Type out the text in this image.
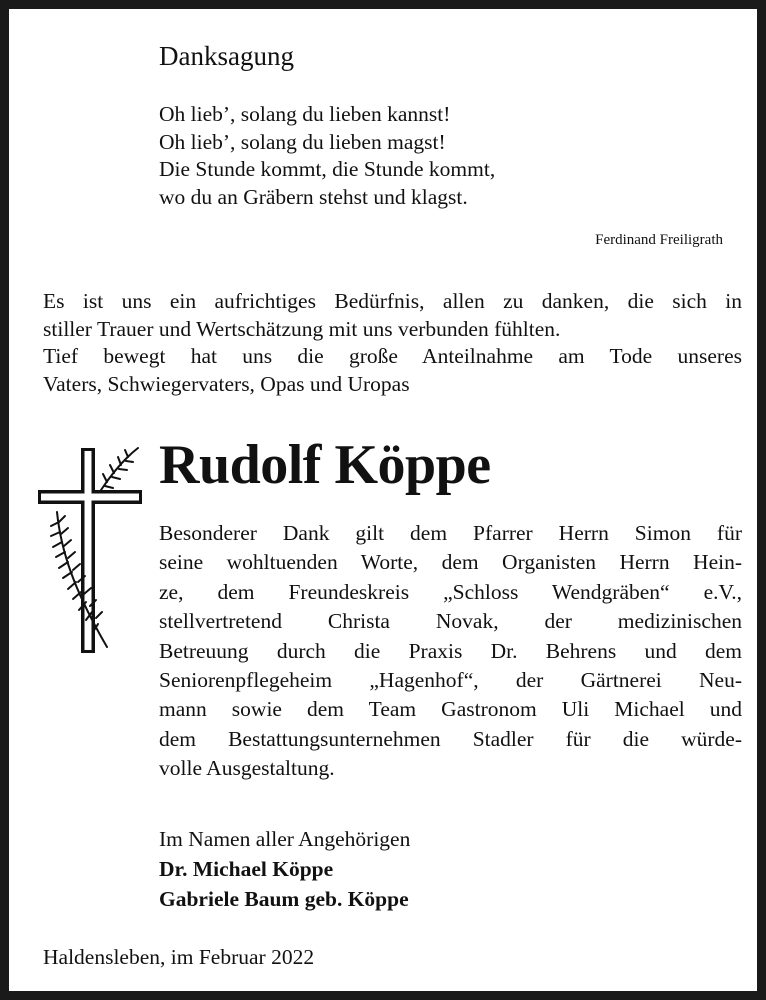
Danksagung
Oh lieb’, solang du lieben kannst!
Oh lieb’, solang du lieben magst!
Die Stunde kommt, die Stunde kommt,
wo du an Gräbern stehst und klagst.
Ferdinand Freiligrath
Es ist uns ein aufrichtiges Bedürfnis, allen zu danken, die sich in
stiller Trauer und Wertschätzung mit uns verbunden fühlten.
Tief bewegt hat uns die große Anteilnahme am Tode unseres
Vaters, Schwiegervaters, Opas und Uropas
Rudolf Köppe
Besonderer Dank gilt dem Pfarrer Herrn Simon für
seine wohltuenden Worte, dem Organisten Herrn Hein-
ze, dem Freundeskreis „Schloss Wendgräben“ e.V.,
stellvertretend Christa Novak, der medizinischen
Betreuung durch die Praxis Dr. Behrens und dem
Seniorenpflegeheim „Hagenhof“, der Gärtnerei Neu-
mann sowie dem Team Gastronom Uli Michael und
dem Bestattungsunternehmen Stadler für die würde-
volle Ausgestaltung.
Im Namen aller Angehörigen
Dr. Michael Köppe
Gabriele Baum geb. Köppe
Haldensleben, im Februar 2022
